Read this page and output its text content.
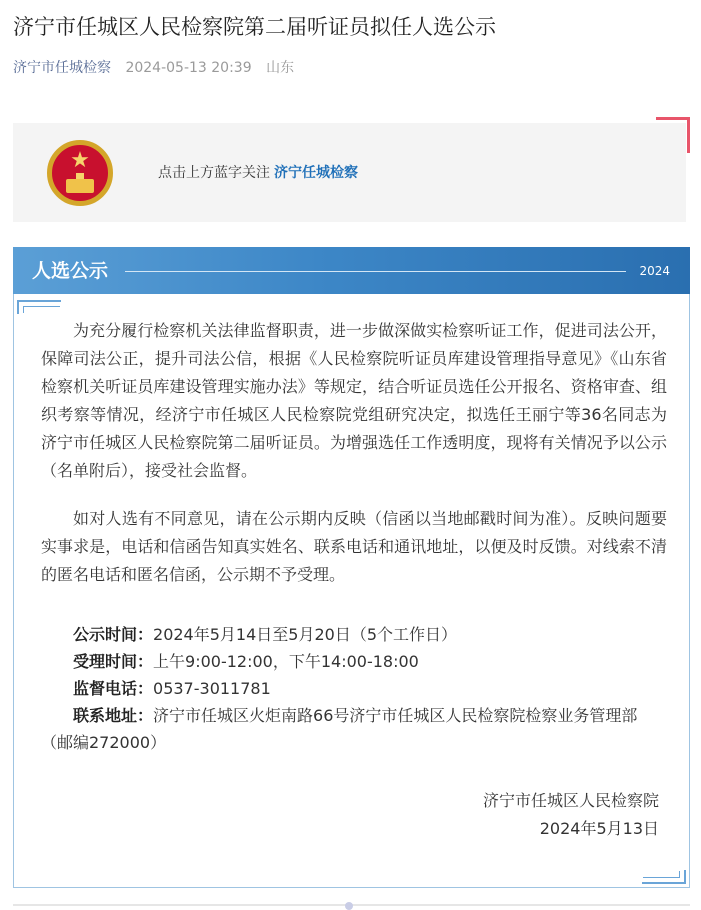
济宁市任城区人民检察院第二届听证员拟任人选公示
济宁市任城检察 2024-05-13 20:39 山东
★	点击上方蓝字关注 济宁任城检察
人选公示	2024

为充分履行检察机关法律监督职责，进一步做深做实检察听证工作，促进司法公开，保障司法公正，提升司法公信，根据《人民检察院听证员库建设管理指导意见》《山东省检察机关听证员库建设管理实施办法》等规定，结合听证员选任公开报名、资格审查、组织考察等情况，经济宁市任城区人民检察院党组研究决定，拟选任王丽宁等36名同志为济宁市任城区人民检察院第二届听证员。为增强选任工作透明度，现将有关情况予以公示（名单附后），接受社会监督。

如对人选有不同意见，请在公示期内反映（信函以当地邮戳时间为准）。反映问题要实事求是，电话和信函告知真实姓名、联系电话和通讯地址，以便及时反馈。对线索不清的匿名电话和匿名信函，公示期不予受理。

公示时间：2024年5月14日至5月20日（5个工作日）
受理时间：上午9:00-12:00，下午14:00-18:00
监督电话：0537-3011781
联系地址：济宁市任城区火炬南路66号济宁市任城区人民检察院检察业务管理部（邮编272000）
济宁市任城区人民检察院
2024年5月13日
